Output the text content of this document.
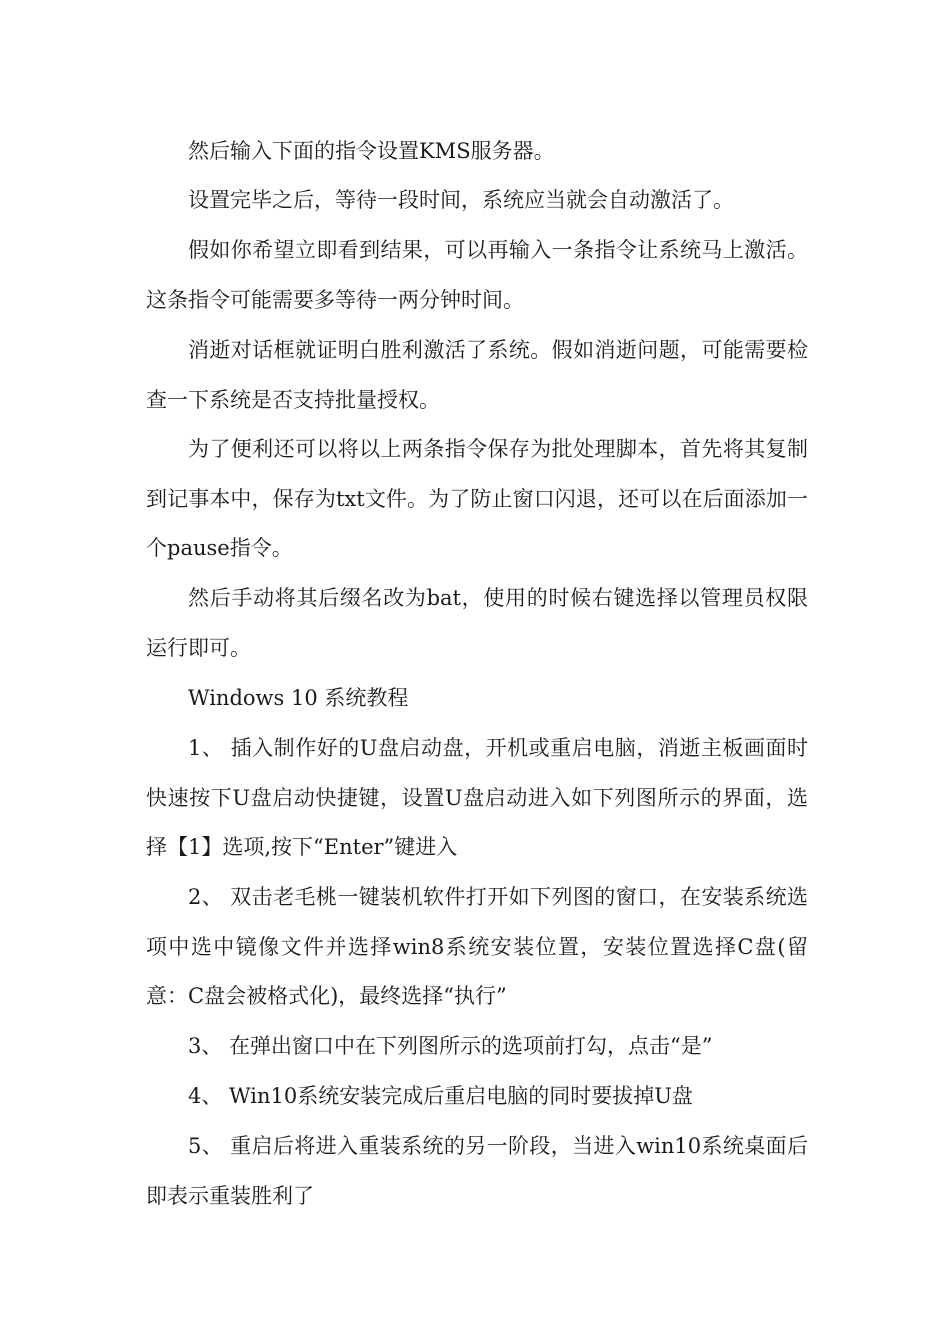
然后输入下面的指令设置KMS服务器。

设置完毕之后，等待一段时间，系统应当就会自动激活了。

假如你希望立即看到结果，可以再输入一条指令让系统马上激活。这条指令可能需要多等待一两分钟时间。

消逝对话框就证明白胜利激活了系统。假如消逝问题，可能需要检查一下系统是否支持批量授权。

为了便利还可以将以上两条指令保存为批处理脚本，首先将其复制到记事本中，保存为txt文件。为了防止窗口闪退，还可以在后面添加一个pause指令。

然后手动将其后缀名改为bat，使用的时候右键选择以管理员权限运行即可。

Windows 10 系统教程

1、 插入制作好的U盘启动盘，开机或重启电脑，消逝主板画面时快速按下U盘启动快捷键，设置U盘启动进入如下列图所示的界面，选择【1】选项,按下“Enter”键进入

2、 双击老毛桃一键装机软件打开如下列图的窗口，在安装系统选项中选中镜像文件并选择win8系统安装位置，安装位置选择C盘(留意：C盘会被格式化)，最终选择“执行”

3、 在弹出窗口中在下列图所示的选项前打勾，点击“是”

4、 Win10系统安装完成后重启电脑的同时要拔掉U盘

5、 重启后将进入重装系统的另一阶段，当进入win10系统桌面后即表示重装胜利了
